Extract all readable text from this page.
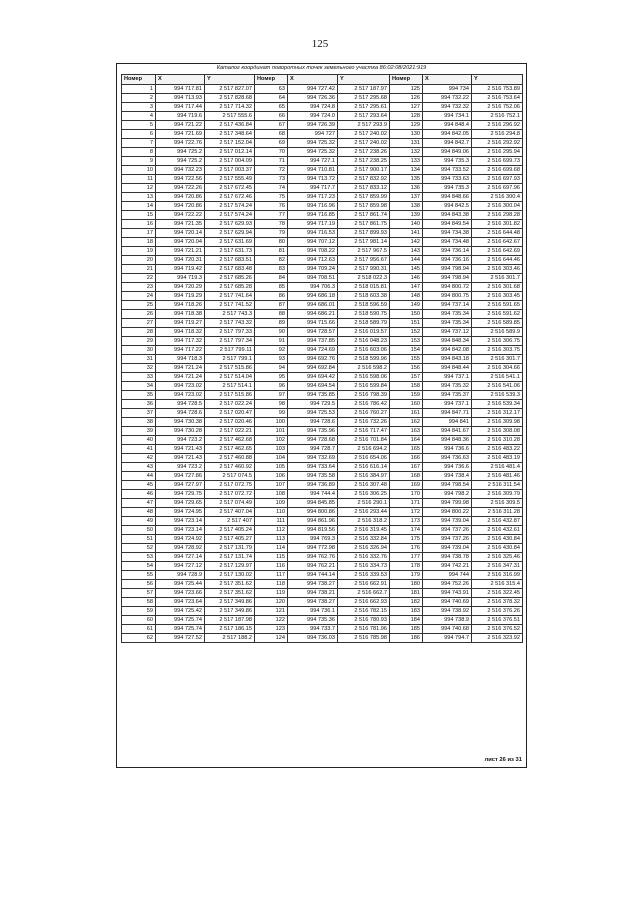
125
Каталог координат поворотных точек земельного участка 86:02:08/2021:919
Номер	X	Y	Номер	X	Y	Номер	X	Y
1	994 717.81	2 517 827.07	63	994 727.42	2 517 187.97	125	994 734	2 516 753.89
2	994 713.93	2 517 828.68	64	994 726.36	2 517 295.68	126	994 732.22	2 516 753.64
3	994 717.44	2 517 714.32	65	994 724.8	2 517 295.61	127	994 732.32	2 516 752.06
4	994 719.6	2 517 555.6	66	994 724.0	2 517 293.64	128	994 734.1	2 516 752.1
5	994 721.22	2 517 436.84	67	994 726.39	2 517 293.9	129	994 848.4	2 516 296.92
6	994 721.69	2 517 348.64	68	994 727	2 517 240.02	130	994 842.05	2 516 294.8
7	994 722.76	2 517 152.04	69	994 725.32	2 517 240.02	131	994 842.7	2 516 292.92
8	994 725.2	2 517 012.14	70	994 725.32	2 517 238.26	132	994 849.06	2 516 295.94
9	994 725.2	2 517 004.09	71	994 727.1	2 517 238.25	133	994 735.3	2 516 699.73
10	994 732.23	2 517 003.37	72	994 710.81	2 517 900.17	134	994 733.52	2 516 699.68
11	994 722.56	2 517 555.49	73	994 713.72	2 517 832.92	135	994 733.63	2 516 697.93
12	994 722.26	2 517 672.45	74	994 717.7	2 517 833.12	136	994 735.3	2 516 697.96
13	994 720.86	2 517 672.46	75	994 717.23	2 517 859.99	137	994 848.66	2 516 300.4
14	994 720.86	2 517 574.24	76	994 716.96	2 517 859.98	138	994 842.5	2 516 300.04
15	994 722.22	2 517 574.24	77	994 716.85	2 517 861.74	139	994 843.38	2 516 298.28
16	994 721.35	2 517 629.93	78	994 717.19	2 517 861.75	140	994 849.54	2 516 301.82
17	994 720.14	2 517 629.94	79	994 716.53	2 517 899.93	141	994 734.38	2 516 644.48
18	994 720.04	2 517 631.69	80	994 707.12	2 517 981.14	142	994 734.48	2 516 642.67
19	994 721.21	2 517 631.73	81	994 708.22	2 517 967.5	143	994 736.14	2 516 642.69
20	994 720.31	2 517 683.51	82	994 712.63	2 517 956.67	144	994 736.16	2 516 644.46
21	994 719.42	2 517 683.48	83	994 709.24	2 517 990.31	145	994 798.94	2 516 303.46
22	994 719.3	2 517 685.26	84	994 708.51	2 518 022.3	146	994 798.94	2 516 301.7
23	994 720.29	2 517 685.28	85	994 706.3	2 518 015.81	147	994 800.72	2 516 301.68
24	994 719.29	2 517 741.64	86	994 686.18	2 518 603.38	148	994 800.75	2 516 303.45
25	994 718.26	2 517 741.52	87	994 686.01	2 518 596.59	149	994 737.14	2 516 591.65
26	994 718.38	2 517 743.3	88	994 686.21	2 518 590.75	150	994 735.34	2 516 591.62
27	994 719.27	2 517 743.32	89	994 715.66	2 518 589.79	151	994 735.34	2 516 589.85
28	994 718.32	2 517 797.33	90	994 728.57	2 516 019.57	152	994 737.12	2 516 589.9
29	994 717.32	2 517 797.34	91	994 737.85	2 516 048.23	153	994 848.34	2 516 306.75
30	994 717.22	2 517 799.11	92	994 724.69	2 516 603.06	154	994 842.08	2 516 303.75
31	994 718.3	2 517 799.1	93	994 692.76	2 518 599.96	155	994 843.18	2 516 301.7
32	994 721.24	2 517 515.86	94	994 692.84	2 516 598.2	156	994 848.44	2 516 304.66
33	994 721.24	2 517 514.04	95	994 694.42	2 516 598.06	157	994 737.1	2 516 541.1
34	994 723.02	2 517 514.1	96	994 694.54	2 516 599.84	158	994 735.32	2 516 541.06
35	994 723.02	2 517 515.86	97	994 735.85	2 516 798.39	159	994 735.37	2 516 539.3
36	994 728.5	2 517 022.24	98	994 729.5	2 516 786.42	160	994 737.1	2 516 539.34
37	994 728.6	2 517 020.47	99	994 725.53	2 516 760.27	161	994 847.71	2 516 312.17
38	994 730.38	2 517 020.46	100	994 728.6	2 516 732.26	162	994 841	2 516 309.98
39	994 730.28	2 517 022.21	101	994 735.96	2 516 717.47	163	994 841.67	2 516 308.08
40	994 723.2	2 517 462.68	102	994 728.68	2 516 701.84	164	994 848.36	2 516 310.28
41	994 721.43	2 517 462.65	103	994 728.7	2 516 694.2	165	994 736.6	2 516 483.22
42	994 721.43	2 517 460.88	104	994 732.69	2 516 654.06	166	994 736.63	2 516 483.19
43	994 723.2	2 517 460.92	105	994 733.64	2 516 616.14	167	994 736.6	2 516 481.4
44	994 727.86	2 517 074.5	106	994 735.58	2 516 384.97	168	994 738.4	2 516 481.46
45	994 727.97	2 517 072.75	107	994 736.89	2 516 307.48	169	994 798.54	2 516 311.54
46	994 729.75	2 517 072.72	108	994 744.4	2 516 306.25	170	994 798.2	2 516 309.79
47	994 729.65	2 517 074.49	109	994 845.85	2 516 290.1	171	994 799.98	2 516 309.5
48	994 724.95	2 517 407.04	110	994 800.86	2 516 293.44	172	994 800.22	2 516 311.28
49	994 723.14	2 517 407	111	994 861.96	2 516 318.2	173	994 739.04	2 516 432.87
50	994 723.14	2 517 405.24	112	994 819.56	2 516 319.45	174	994 737.26	2 516 432.61
51	994 724.92	2 517 405.27	113	994 769.3	2 516 332.84	175	994 737.26	2 516 430.84
52	994 728.92	2 517 131.79	114	994 772.98	2 516 326.94	176	994 739.04	2 516 430.84
53	994 727.14	2 517 131.74	115	994 762.76	2 516 332.76	177	994 738.78	2 516 325.46
54	994 727.12	2 517 129.97	116	994 762.21	2 516 334.73	178	994 742.21	2 516 347.31
55	994 728.9	2 517 130.02	117	994 744.14	2 516 339.53	179	994 744	2 516 316.99
56	994 725.44	2 517 351.62	118	994 738.27	2 516 662.91	180	994 752.26	2 516 315.4
57	994 723.66	2 517 351.62	119	994 738.21	2 516 662.7	181	994 743.91	2 516 322.45
58	994 723.64	2 517 349.86	120	994 738.27	2 516 662.93	182	994 740.69	2 516 378.32
59	994 725.42	2 517 349.86	121	994 736.1	2 516 782.15	183	994 738.92	2 516 376.26
60	994 725.74	2 517 187.98	122	994 735.36	2 516 780.93	184	994 738.9	2 516 376.51
61	994 725.74	2 517 186.15	123	994 733.7	2 516 781.96	185	994 740.68	2 516 376.52
62	994 727.52	2 517 188.2	124	994 736.03	2 516 785.98	186	994 794.7	2 516 323.92
лист 26 из 31
